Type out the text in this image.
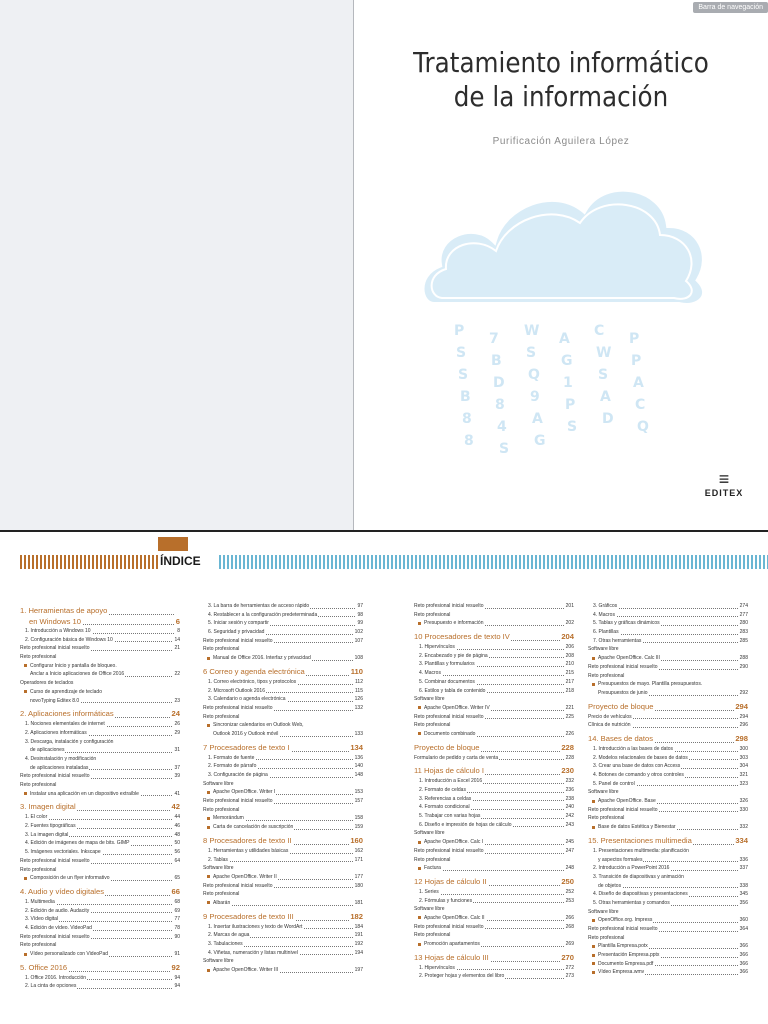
Barra de navegación
Tratamiento informático
de la información
Purificación Aguilera López
P 7 W A C P
S B S G W P
S D Q 1 S A
B 8 9 P A C
8 4 A S D Q
8 S G
≡
EDITEX
ÍNDICE
1. Herramientas de apoyo
en Windows 10	6
1. Introducción a Windows 10	8
2. Configuración básica de Windows 10	14
Reto profesional inicial resuelto	21
Reto profesional
Configurar Inicio y pantalla de bloqueo.
Anclar a Inicio aplicaciones de Office 2016	22
Operadores de teclados
Curso de aprendizaje de teclado
novoTyping Editex 8.0	23
2. Aplicaciones informáticas	24
1. Nociones elementales de internet	26
2. Aplicaciones informáticas	29
3. Descarga, instalación y configuración
de aplicaciones	31
4. Desinstalación y modificación
de aplicaciones instaladas	37
Reto profesional inicial resuelto	39
Reto profesional
Instalar una aplicación en un dispositivo extraíble	41
3. Imagen digital	42
1. El color	44
2. Fuentes tipográficas	46
3. La imagen digital	48
4. Edición de imágenes de mapa de bits. GIMP	50
5. Imágenes vectoriales. Inkscape	56
Reto profesional inicial resuelto	64
Reto profesional
Composición de un flyer informativo	65
4. Audio y vídeo digitales	66
1. Multimedia	68
2. Edición de audio. Audacity	69
3. Vídeo digital	77
4. Edición de vídeo. VideoPad	78
Reto profesional inicial resuelto	90
Reto profesional
Vídeo personalizado con VideoPad	91
5. Office 2016	92
1. Office 2016. Introducción	94
2. La cinta de opciones	94
3. La barra de herramientas de acceso rápido	97
4. Restablecer a la configuración predeterminada	98
5. Iniciar sesión y compartir	99
6. Seguridad y privacidad	102
Reto profesional inicial resuelto	107
Reto profesional
Manual de Office 2016. Interfaz y privacidad	108
6 Correo y agenda electrónica	110
1. Correo electrónico, tipos y protocolos	112
2. Microsoft Outlook 2016	115
3. Calendario o agenda electrónica	126
Reto profesional inicial resuelto	132
Reto profesional
Sincronizar calendarios en Outlook Web,
Outlook 2016 y Outlook móvil	133
7 Procesadores de texto I	134
1. Formato de fuente	136
2. Formato de párrafo	140
3. Configuración de página	148
Software libre
Apache OpenOffice. Writer I	153
Reto profesional inicial resuelto	157
Reto profesional
Memorándum	158
Carta de cancelación de suscripción	159
8 Procesadores de texto II	160
1. Herramientas y utilidades básicas	162
2. Tablas	171
Software libre
Apache OpenOffice. Writer II	177
Reto profesional inicial resuelto	180
Reto profesional
Albarán	181
9 Procesadores de texto III	182
1. Insertar ilustraciones y texto de WordArt	184
2. Marcas de agua	191
3. Tabulaciones	192
4. Viñetas, numeración y listas multinivel	194
Software libre
Apache OpenOffice. Writer III	197
Reto profesional inicial resuelto	201
Reto profesional
Presupuesto e información	202
10 Procesadores de texto IV	204
1. Hipervínculos	206
2. Encabezado y pie de página	208
3. Plantillas y formularios	210
4. Macros	215
5. Combinar documentos	217
6. Estilos y tabla de contenido	218
Software libre
Apache OpenOffice. Writer IV	221
Reto profesional inicial resuelto	225
Reto profesional
Documento combinado	226
Proyecto de bloque	228
Formulario de pedido y carta de venta	228
11 Hojas de cálculo I	230
1. Introducción a Excel 2016	232
2. Formato de celdas	236
3. Referencias a celdas	238
4. Formato condicional	240
5. Trabajar con varias hojas	242
6. Diseño e impresión de hojas de cálculo	243
Software libre
Apache OpenOffice. Calc I	245
Reto profesional inicial resuelto	247
Reto profesional
Factura	248
12 Hojas de cálculo II	250
1. Series	252
2. Fórmulas y funciones	253
Software libre
Apache OpenOffice. Calc II	266
Reto profesional inicial resuelto	268
Reto profesional
Promoción apartamentos	269
13 Hojas de cálculo III	270
1. Hipervínculos	272
2. Proteger hojas y elementos del libro	273
3. Gráficos	274
4. Macros	277
5. Tablas y gráficas dinámicos	280
6. Plantillas	283
7. Otras herramientas	285
Software libre
Apache OpenOffice. Calc III	288
Reto profesional inicial resuelto	290
Reto profesional
Presupuestos de mayo. Plantilla presupuestos.
Presupuestos de junio	292
Proyecto de bloque	294
Precio de vehículos	294
Clínica de nutrición	296
14. Bases de datos	298
1. Introducción a las bases de datos	300
2. Modelos relacionales de bases de datos	303
3. Crear una base de datos con Access	304
4. Botones de comando y otros controles	321
5. Panel de control	323
Software libre
Apache OpenOffice. Base	326
Reto profesional inicial resuelto	330
Reto profesional
Base de datos Estética y Bienestar	332
15. Presentaciones multimedia	334
1. Presentaciones multimedia: planificación
y aspectos formales	336
2. Introducción a PowerPoint 2016	337
3. Transición de diapositivas y animación
de objetos	338
4. Diseño de diapositivas y presentaciones	345
5. Otras herramientas y comandos	356
Software libre
OpenOffice.org. Impress	360
Reto profesional inicial resuelto	364
Reto profesional
Plantilla Empresa.potx	366
Presentación Empresa.pptx	366
Documento Empresa.pdf	366
Vídeo Empresa.wmv	366
